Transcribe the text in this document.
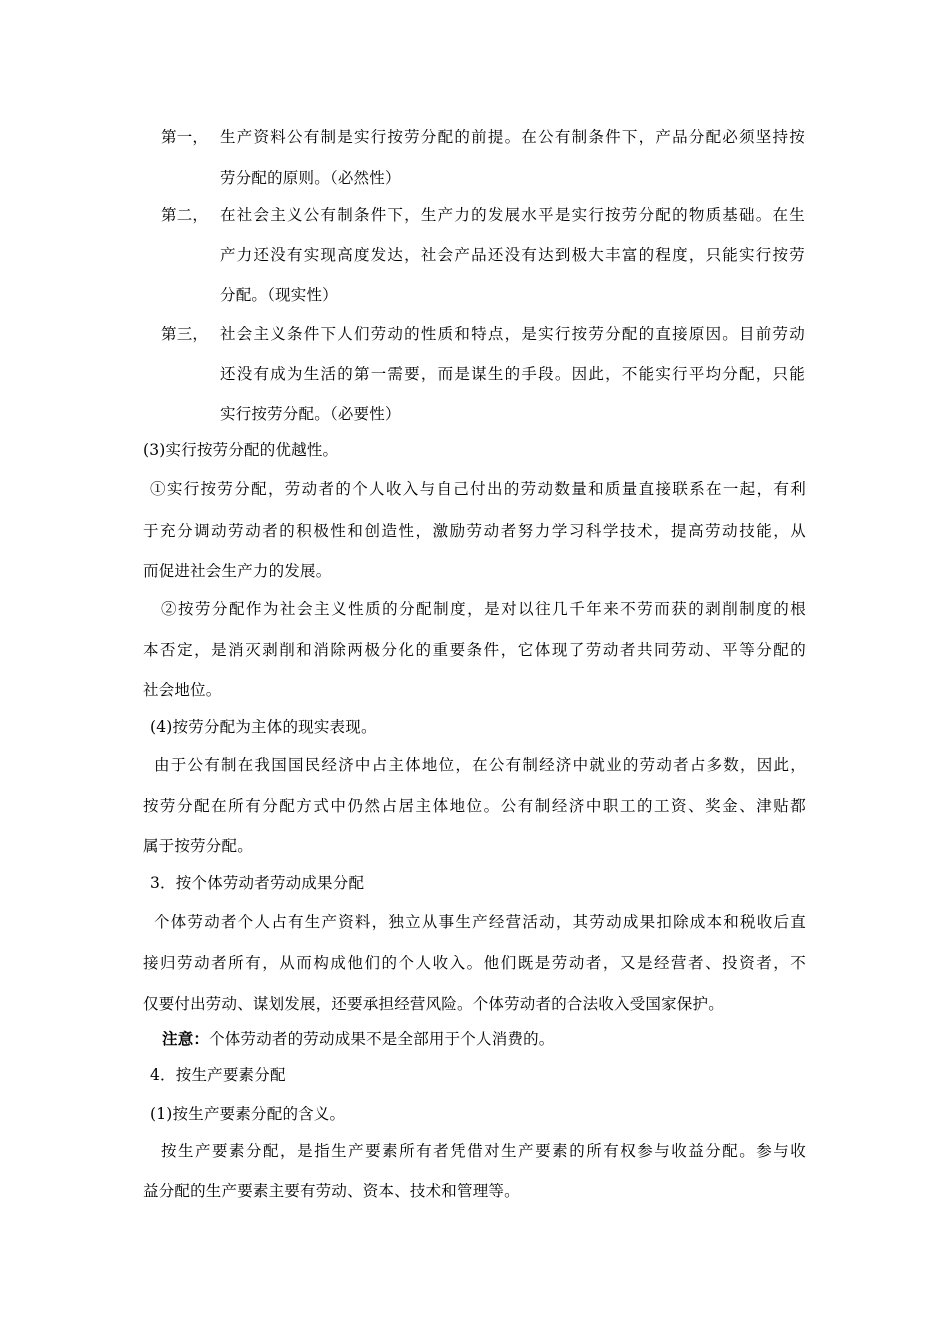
第一， 生产资料公有制是实行按劳分配的前提。在公有制条件下，产品分配必须坚持按
劳分配的原则。（必然性）
第二， 在社会主义公有制条件下，生产力的发展水平是实行按劳分配的物质基础。在生
产力还没有实现高度发达，社会产品还没有达到极大丰富的程度，只能实行按劳
分配。（现实性）
第三， 社会主义条件下人们劳动的性质和特点，是实行按劳分配的直接原因。目前劳动
还没有成为生活的第一需要，而是谋生的手段。因此，不能实行平均分配，只能
实行按劳分配。（必要性）
(3)实行按劳分配的优越性。
①实行按劳分配，劳动者的个人收入与自己付出的劳动数量和质量直接联系在一起，有利
于充分调动劳动者的积极性和创造性，激励劳动者努力学习科学技术，提高劳动技能，从
而促进社会生产力的发展。
②按劳分配作为社会主义性质的分配制度，是对以往几千年来不劳而获的剥削制度的根
本否定，是消灭剥削和消除两极分化的重要条件，它体现了劳动者共同劳动、平等分配的
社会地位。
(4)按劳分配为主体的现实表现。
由于公有制在我国国民经济中占主体地位，在公有制经济中就业的劳动者占多数，因此，
按劳分配在所有分配方式中仍然占居主体地位。公有制经济中职工的工资、奖金、津贴都
属于按劳分配。
3．按个体劳动者劳动成果分配
个体劳动者个人占有生产资料，独立从事生产经营活动，其劳动成果扣除成本和税收后直
接归劳动者所有，从而构成他们的个人收入。他们既是劳动者，又是经营者、投资者，不
仅要付出劳动、谋划发展，还要承担经营风险。个体劳动者的合法收入受国家保护。
注意：个体劳动者的劳动成果不是全部用于个人消费的。
4．按生产要素分配
(1)按生产要素分配的含义。
按生产要素分配，是指生产要素所有者凭借对生产要素的所有权参与收益分配。参与收
益分配的生产要素主要有劳动、资本、技术和管理等。
